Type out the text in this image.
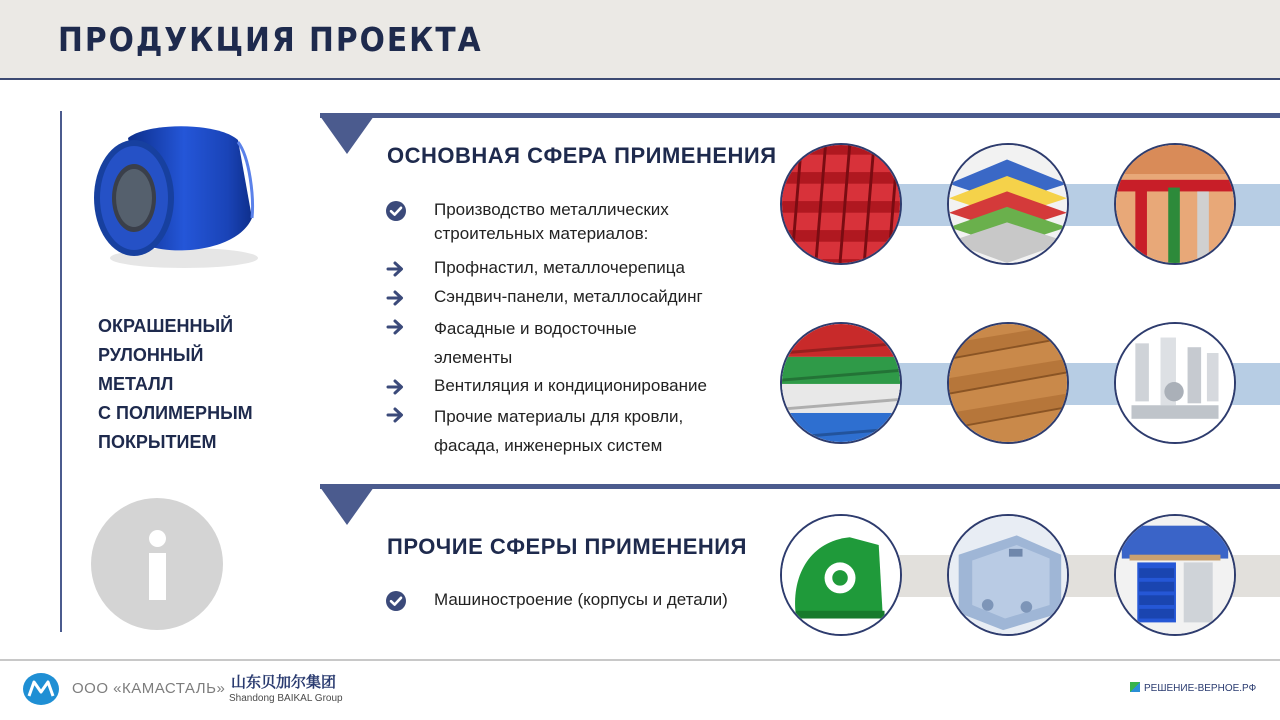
ПРОДУКЦИЯ ПРОЕКТА
ОКРАШЕННЫЙ
РУЛОННЫЙ
МЕТАЛЛ
С ПОЛИМЕРНЫМ
ПОКРЫТИЕМ
ОСНОВНАЯ СФЕРА ПРИМЕНЕНИЯ
Производство металлических
строительных материалов:
Профнастил, металлочерепица
Сэндвич-панели, металлосайдинг
Фасадные и водосточные
элементы
Вентиляция и кондиционирование
Прочие материалы для кровли,
фасада, инженерных систем
ПРОЧИЕ СФЕРЫ ПРИМЕНЕНИЯ
Машиностроение (корпусы и детали)
ООО «КАМАСТАЛЬ» 山东贝加尔集团
Shandong BAIKAL Group
РЕШЕНИЕ-ВЕРНОЕ.РФ
